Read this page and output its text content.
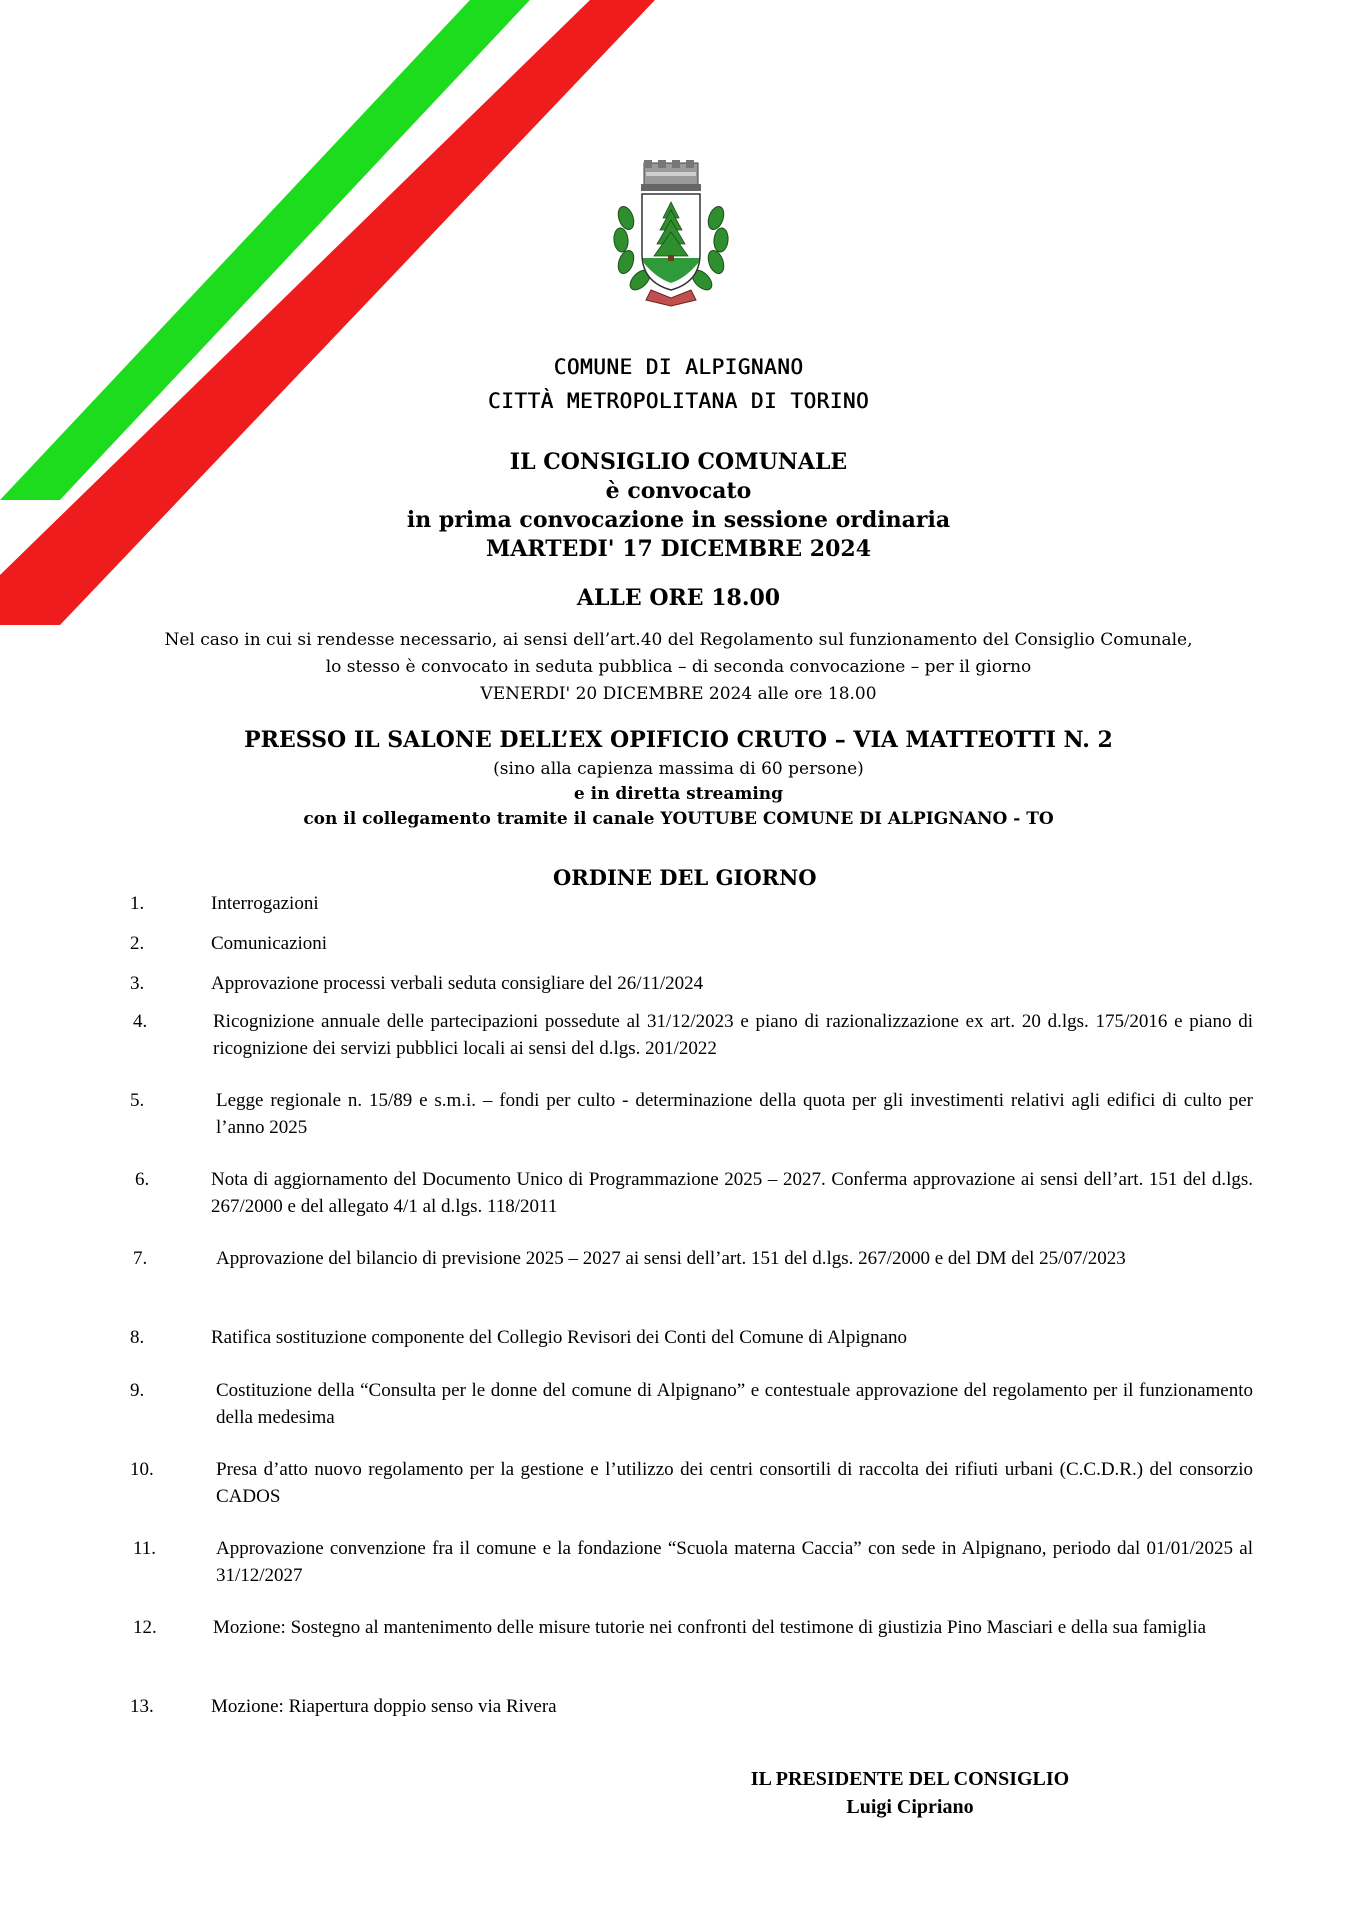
COMUNE DI ALPIGNANO
CITTÀ METROPOLITANA DI TORINO
IL CONSIGLIO COMUNALE
è convocato
in prima convocazione in sessione ordinaria
MARTEDI' 17 DICEMBRE 2024
ALLE ORE 18.00
Nel caso in cui si rendesse necessario, ai sensi dell’art.40 del Regolamento sul funzionamento del Consiglio Comunale,
lo stesso è convocato in seduta pubblica – di seconda convocazione – per il giorno
VENERDI' 20 DICEMBRE 2024 alle ore 18.00
PRESSO IL SALONE DELL’EX OPIFICIO CRUTO – VIA MATTEOTTI N. 2
(sino alla capienza massima di 60 persone)
e in diretta streaming
con il collegamento tramite il canale YOUTUBE COMUNE DI ALPIGNANO - TO
ORDINE DEL GIORNO
1.	Interrogazioni
2.	Comunicazioni
3.	Approvazione processi verbali seduta consigliare del 26/11/2024
4.	Ricognizione annuale delle partecipazioni possedute al 31/12/2023 e piano di razionalizzazione ex art. 20 d.lgs. 175/2016 e piano di ricognizione dei servizi pubblici locali ai sensi del d.lgs. 201/2022
5.	Legge regionale n. 15/89 e s.m.i. – fondi per culto - determinazione della quota per gli investimenti relativi agli edifici di culto per l’anno 2025
6.	Nota di aggiornamento del Documento Unico di Programmazione 2025 – 2027. Conferma approvazione ai sensi dell’art. 151 del d.lgs. 267/2000 e del allegato 4/1 al d.lgs. 118/2011
7.	Approvazione del bilancio di previsione 2025 – 2027 ai sensi dell’art. 151 del d.lgs. 267/2000 e del DM del 25/07/2023
8.	Ratifica sostituzione componente del Collegio Revisori dei Conti del Comune di Alpignano
9.	Costituzione della “Consulta per le donne del comune di Alpignano” e contestuale approvazione del regolamento per il funzionamento della medesima
10.	Presa d’atto nuovo regolamento per la gestione e l’utilizzo dei centri consortili di raccolta dei rifiuti urbani (C.C.D.R.) del consorzio CADOS
11.	Approvazione convenzione fra il comune e la fondazione “Scuola materna Caccia” con sede in Alpignano, periodo dal 01/01/2025 al 31/12/2027
12.	Mozione: Sostegno al mantenimento delle misure tutorie nei confronti del testimone di giustizia Pino Masciari e della sua famiglia
13.	Mozione: Riapertura doppio senso via Rivera
IL PRESIDENTE DEL CONSIGLIO
Luigi Cipriano
